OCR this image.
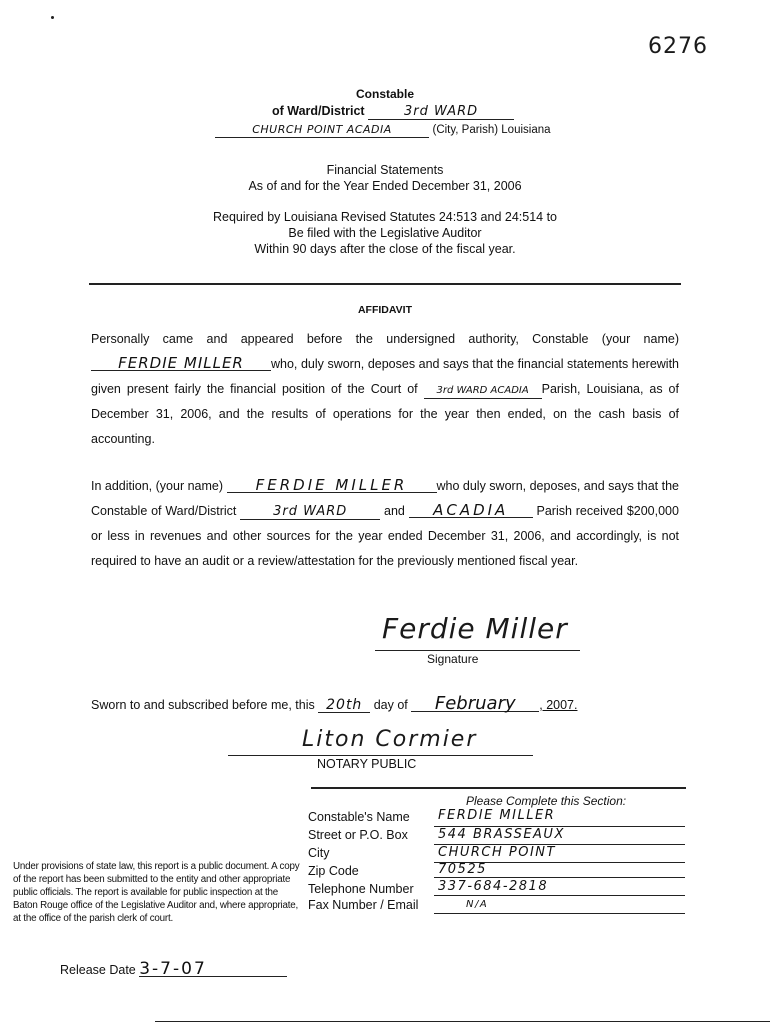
6276
Constable
of Ward/District	3rd WARD
CHURCH POINT ACADIA	(City, Parish) Louisiana
Financial Statements
As of and for the Year Ended December 31, 2006
Required by Louisiana Revised Statutes 24:513 and 24:514 to
Be filed with the Legislative Auditor
Within 90 days after the close of the fiscal year.
AFFIDAVIT
Personally came and appeared before the undersigned authority, Constable (your name) FERDIE MILLER who, duly sworn, deposes and says that the financial statements herewith given present fairly the financial position of the Court of 3rd WARD ACADIA Parish, Louisiana, as of December 31, 2006, and the results of operations for the year then ended, on the cash basis of accounting.
In addition, (your name) FERDIE MILLER who duly sworn, deposes, and says that the Constable of Ward/District	3rd WARD	and ACADIA Parish received $200,000 or less in revenues and other sources for the year ended December 31, 2006, and accordingly, is not required to have an audit or a review/attestation for the previously mentioned fiscal year.
Ferdie Miller
Signature
Sworn to and subscribed before me, this 20th day of February , 2007.
Liton Cormier
NOTARY PUBLIC
Please Complete this Section:
Constable's Name FERDIE MILLER
Street or P.O. Box 544 BRASSEAUX
City	CHURCH POINT
Zip Code	70525
Telephone Number 337-684-2818
Fax Number / Email	N/A
Under provisions of state law, this report is a public document. A copy of the report has been submitted to the entity and other appropriate public officials. The report is available for public inspection at the Baton Rouge office of the Legislative Auditor and, where appropriate, at the office of the parish clerk of court.
Release Date 3-7-07
